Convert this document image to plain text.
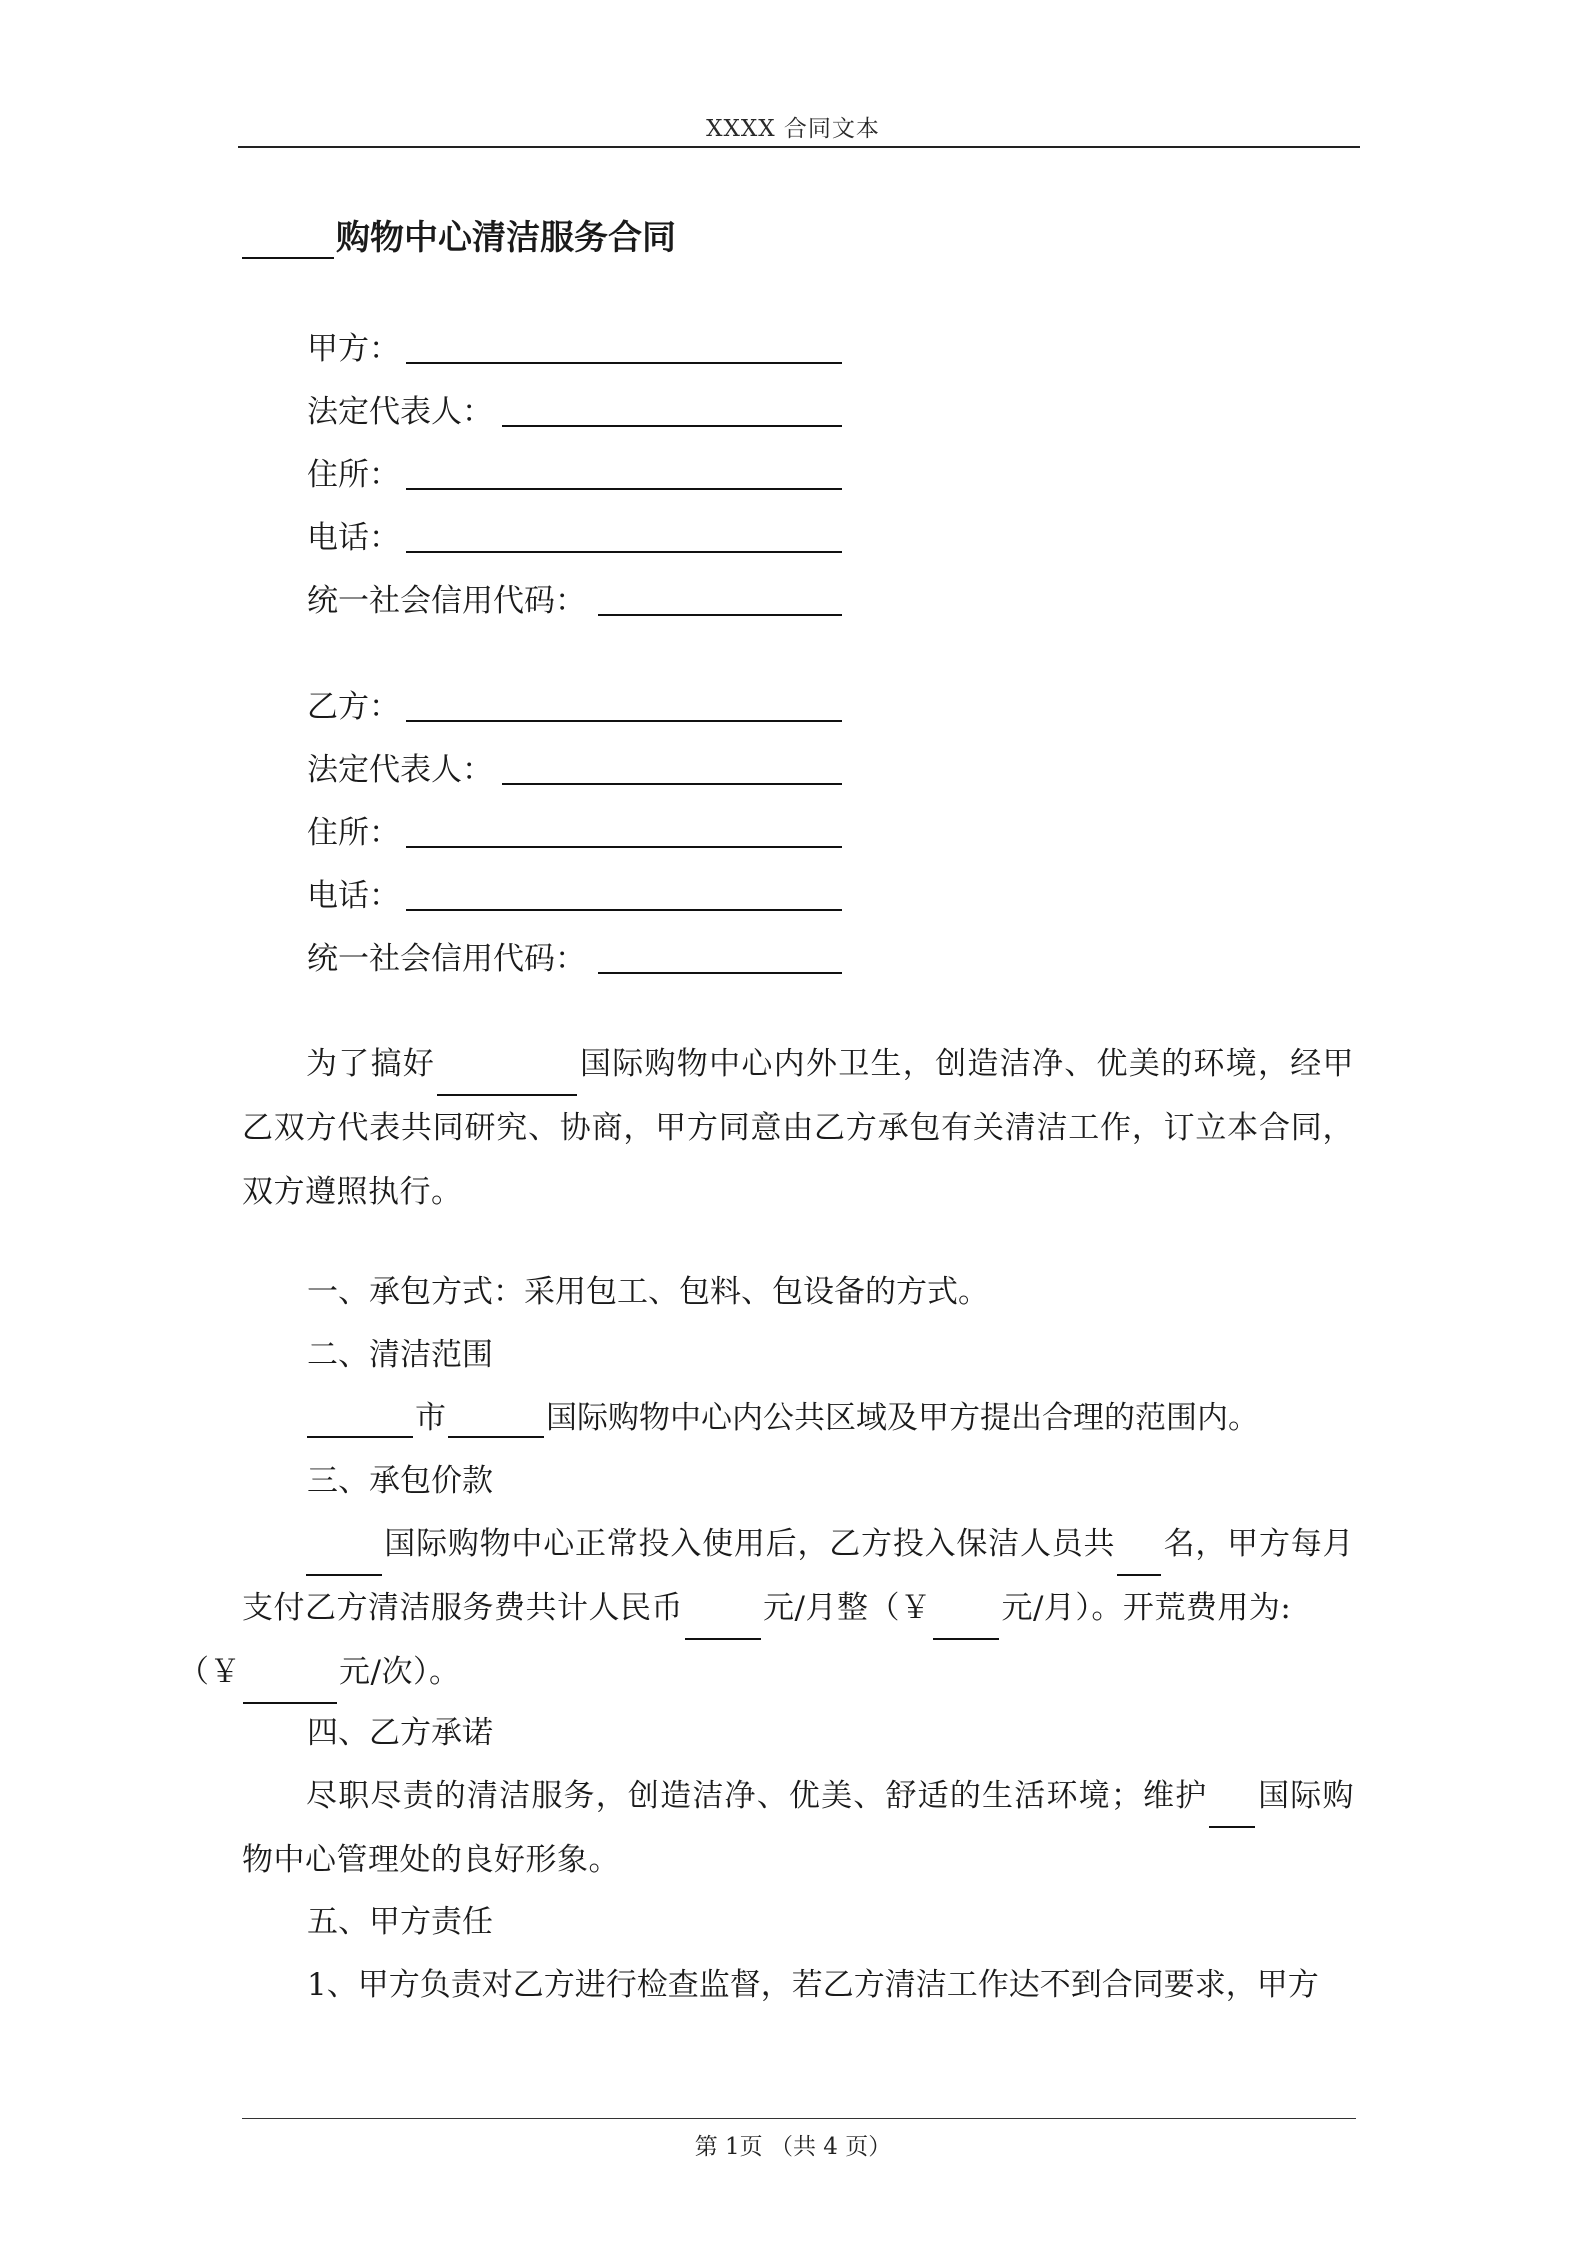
XXXX 合同文本
购物中心清洁服务合同
甲方：
法定代表人：
住所：
电话：
统一社会信用代码：
乙方：
法定代表人：
住所：
电话：
统一社会信用代码：
为了搞好	国际购物中心内外卫生，创造洁净、优美的环境，经甲乙双方代表共同研究、协商，甲方同意由乙方承包有关清洁工作，订立本合同，双方遵照执行。
一、承包方式：采用包工、包料、包设备的方式。
二、清洁范围
市	国际购物中心内公共区域及甲方提出合理的范围内。
三、承包价款
国际购物中心正常投入使用后，乙方投入保洁人员共 名，甲方每月支付乙方清洁服务费共计人民币	元/月整（￥ 元/月）。开荒费用为:
（￥	元/次）。
四、乙方承诺
尽职尽责的清洁服务，创造洁净、优美、舒适的生活环境；维护 国际购物中心管理处的良好形象。
五、甲方责任
1、甲方负责对乙方进行检查监督，若乙方清洁工作达不到合同要求，甲方
第 1页 （共 4 页）
